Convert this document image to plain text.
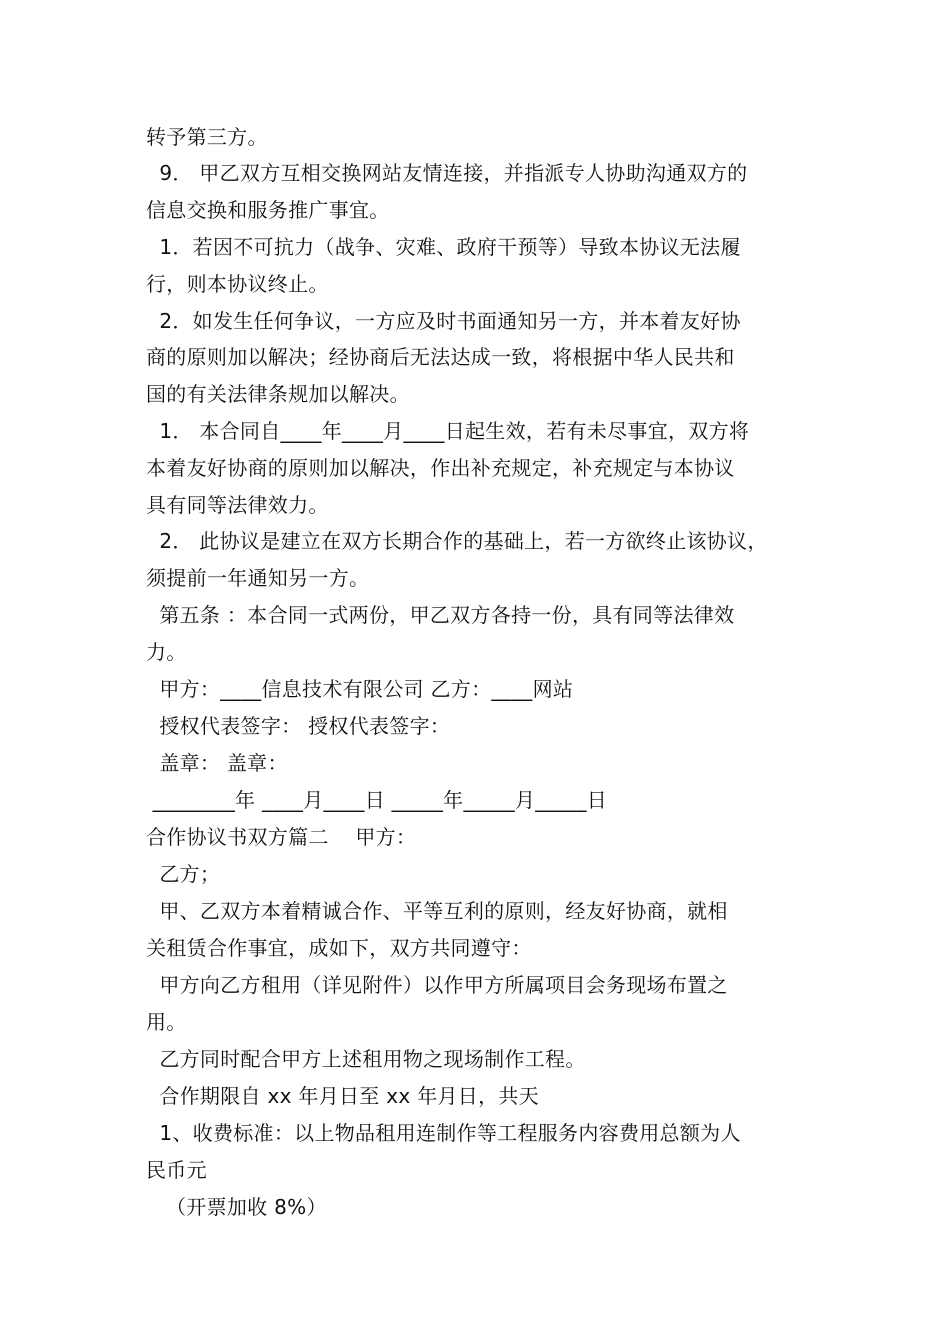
转予第三方。
9． 甲乙双方互相交换网站友情连接，并指派专人协助沟通双方的
信息交换和服务推广事宜。
1．若因不可抗力（战争、灾难、政府干预等）导致本协议无法履
行，则本协议终止。
2．如发生任何争议，一方应及时书面通知另一方，并本着友好协
商的原则加以解决；经协商后无法达成一致，将根据中华人民共和
国的有关法律条规加以解决。
1． 本合同自____年____月____日起生效，若有未尽事宜，双方将
本着友好协商的原则加以解决，作出补充规定，补充规定与本协议
具有同等法律效力。
2． 此协议是建立在双方长期合作的基础上，若一方欲终止该协议，
须提前一年通知另一方。
第五条 ：本合同一式两份，甲乙双方各持一份，具有同等法律效
力。
甲方：____信息技术有限公司 乙方：____网站
授权代表签字： 授权代表签字：
盖章： 盖章：
________年 ____月____日 _____年_____月_____日
合作协议书双方篇二    甲方：
乙方；
甲、乙双方本着精诚合作、平等互利的原则，经友好协商，就相
关租赁合作事宜，成如下，双方共同遵守：
甲方向乙方租用（详见附件）以作甲方所属项目会务现场布置之
用。
乙方同时配合甲方上述租用物之现场制作工程。
合作期限自 xx 年月日至 xx 年月日，共天
1、收费标准：以上物品租用连制作等工程服务内容费用总额为人
民币元
（开票加收 8%）
